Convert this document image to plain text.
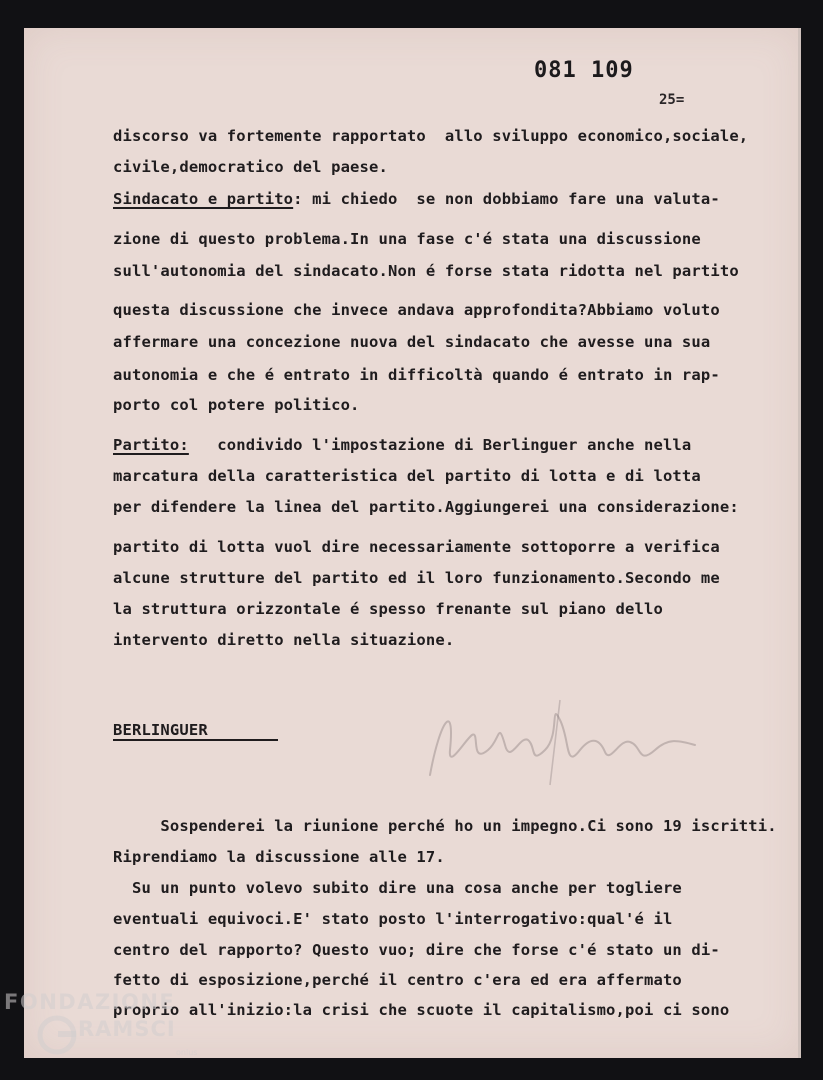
081 109
25=

discorso va fortemente rapportato  allo sviluppo economico,sociale,

civile,democratico del paese.

Sindacato e partito: mi chiedo  se non dobbiamo fare una valuta-

zione di questo problema.In una fase c'é stata una discussione

sull'autonomia del sindacato.Non é forse stata ridotta nel partito

questa discussione che invece andava approfondita?Abbiamo voluto

affermare una concezione nuova del sindacato che avesse una sua

autonomia e che é entrato in difficoltà quando é entrato in rap-

porto col potere politico.

Partito:   condivido l'impostazione di Berlinguer anche nella

marcatura della caratteristica del partito di lotta e di lotta

per difendere la linea del partito.Aggiungerei una considerazione:

partito di lotta vuol dire necessariamente sottoporre a verifica

alcune strutture del partito ed il loro funzionamento.Secondo me

la struttura orizzontale é spesso frenante sul piano dello

intervento diretto nella situazione.

BERLINGUER

Sospenderei la riunione perché ho un impegno.Ci sono 19 iscritti.

Riprendiamo la discussione alle 17.

Su un punto volevo subito dire una cosa anche per togliere

eventuali equivoci.E' stato posto l'interrogativo:qual'é il

centro del rapporto? Questo vuo; dire che forse c'é stato un di-

fetto di esposizione,perché il centro c'era ed era affermato

proprio all'inizio:la crisi che scuote il capitalismo,poi ci sono

FONDAZIONE
RAMSCI
onlus
